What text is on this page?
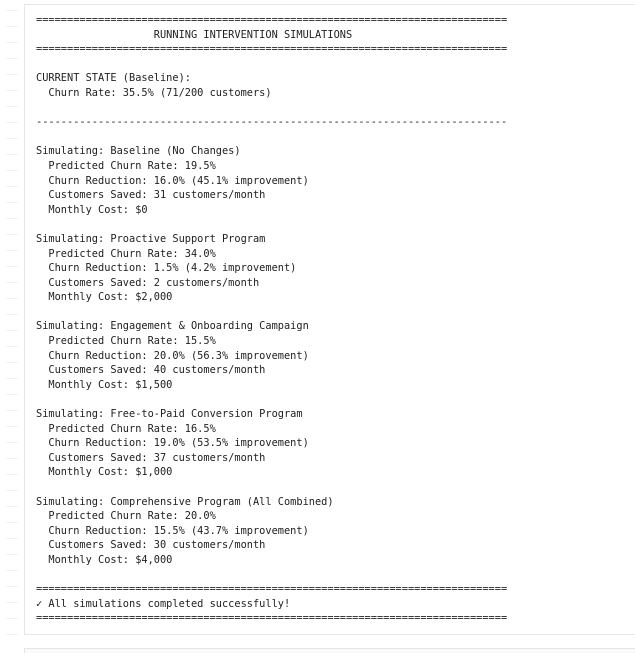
============================================================================
RUNNING INTERVENTION SIMULATIONS
============================================================================
CURRENT STATE (Baseline):
Churn Rate: 35.5% (71/200 customers)
----------------------------------------------------------------------------
Simulating: Baseline (No Changes)
Predicted Churn Rate: 19.5%
Churn Reduction: 16.0% (45.1% improvement)
Customers Saved: 31 customers/month
Monthly Cost: $0
Simulating: Proactive Support Program
Predicted Churn Rate: 34.0%
Churn Reduction: 1.5% (4.2% improvement)
Customers Saved: 2 customers/month
Monthly Cost: $2,000
Simulating: Engagement & Onboarding Campaign
Predicted Churn Rate: 15.5%
Churn Reduction: 20.0% (56.3% improvement)
Customers Saved: 40 customers/month
Monthly Cost: $1,500
Simulating: Free-to-Paid Conversion Program
Predicted Churn Rate: 16.5%
Churn Reduction: 19.0% (53.5% improvement)
Customers Saved: 37 customers/month
Monthly Cost: $1,000
Simulating: Comprehensive Program (All Combined)
Predicted Churn Rate: 20.0%
Churn Reduction: 15.5% (43.7% improvement)
Customers Saved: 30 customers/month
Monthly Cost: $4,000
============================================================================
✓ All simulations completed successfully!
============================================================================
